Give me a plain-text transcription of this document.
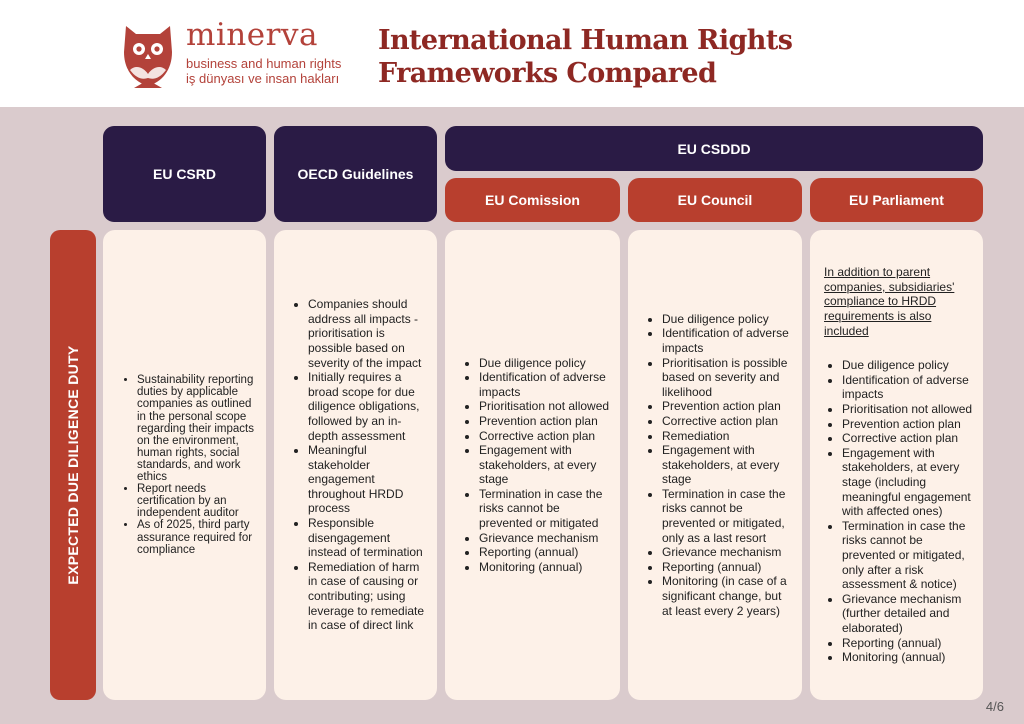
minerva
business and human rights
iş dünyası ve insan hakları
International Human Rights
Frameworks Compared
EU CSRD	OECD Guidelines
EU CSDDD
EU Comission	EU Council	EU Parliament
EXPECTED DUE DILIGENCE DUTY
•	Sustainability reporting duties by applicable companies as outlined in the personal scope regarding their impacts on the environment, human rights, social standards, and work ethics
• Report needs certification by an independent auditor
• As of 2025, third party assurance required for compliance
• Companies should address all impacts - prioritisation is possible based on severity of the impact
• Initially requires a broad scope for due diligence obligations, followed by an in-depth assessment
• Meaningful stakeholder engagement throughout HRDD process
• Responsible disengagement instead of termination
• Remediation of harm in case of causing or contributing; using leverage to remediate in case of direct link
• Due diligence policy
• Identification of adverse impacts
• Prioritisation not allowed
• Prevention action plan
• Corrective action plan
• Engagement with stakeholders, at every stage
• Termination in case the risks cannot be prevented or mitigated
• Grievance mechanism
• Reporting (annual)
• Monitoring (annual)
• Due diligence policy
• Identification of adverse impacts
• Prioritisation is possible based on severity and likelihood
• Prevention action plan
• Corrective action plan
• Remediation
• Engagement with stakeholders, at every stage
• Termination in case the risks cannot be prevented or mitigated, only as a last resort
• Grievance mechanism
• Reporting (annual)
• Monitoring (in case of a significant change, but at least every 2 years)
In addition to parent companies, subsidiaries' compliance to HRDD requirements is also included
• Due diligence policy
• Identification of adverse impacts
• Prioritisation not allowed
• Prevention action plan
• Corrective action plan
• Engagement with stakeholders, at every stage (including meaningful engagement with affected ones)
• Termination in case the risks cannot be prevented or mitigated, only after a risk assessment & notice)
• Grievance mechanism (further detailed and elaborated)
• Reporting (annual)
• Monitoring (annual)
4/6
